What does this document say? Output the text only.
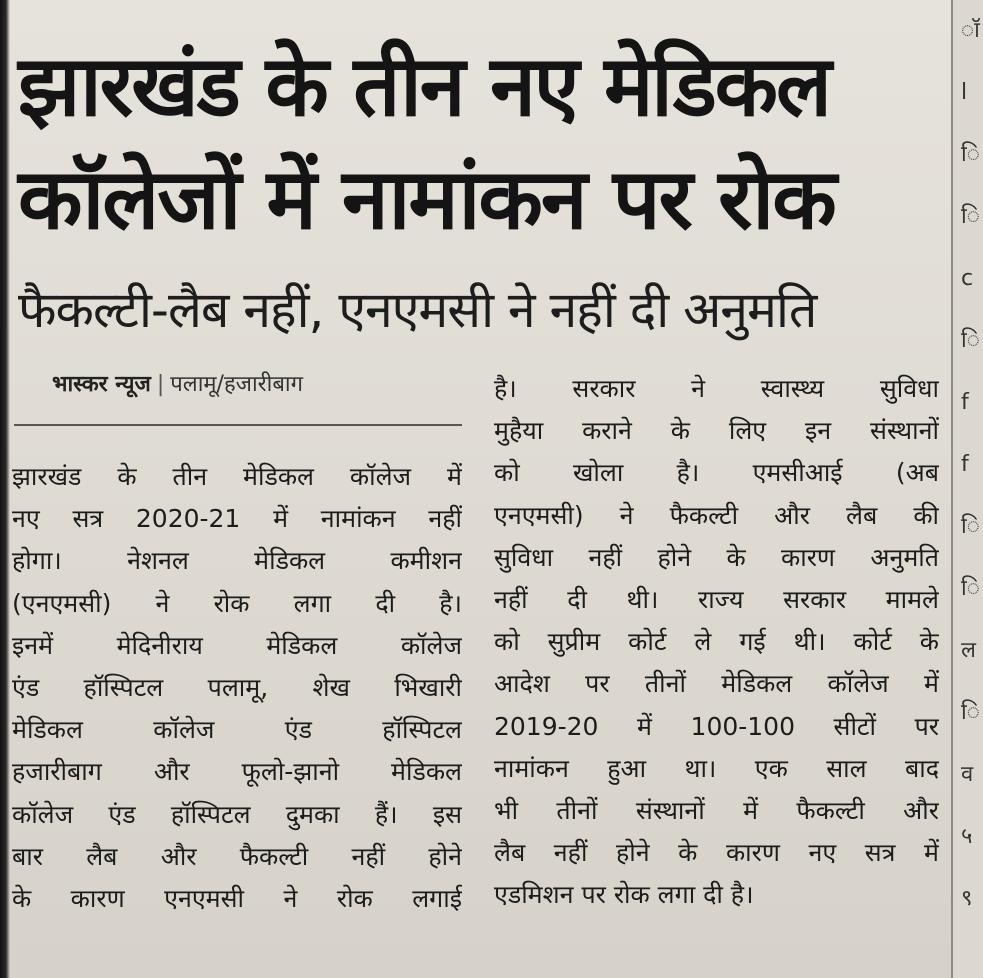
झारखंड के तीन नए मेडिकल
कॉलेजों में नामांकन पर रोक
फैकल्टी-लैब नहीं, एनएमसी ने नहीं दी अनुमति
भास्कर न्यूज | पलामू/हजारीबाग
झारखंड के तीन मेडिकल कॉलेज में
नए सत्र 2020-21 में नामांकन नहीं
होगा। नेशनल मेडिकल कमीशन
(एनएमसी) ने रोक लगा दी है।
इनमें मेदिनीराय मेडिकल कॉलेज
एंड हॉस्पिटल पलामू, शेख भिखारी
मेडिकल कॉलेज एंड हॉस्पिटल
हजारीबाग और फूलो-झानो मेडिकल
कॉलेज एंड हॉस्पिटल दुमका हैं। इस
बार लैब और फैकल्टी नहीं होने
के कारण एनएमसी ने रोक लगाई
है। सरकार ने स्वास्थ्य सुविधा
मुहैया कराने के लिए इन संस्थानों
को खोला है। एमसीआई (अब
एनएमसी) ने फैकल्टी और लैब की
सुविधा नहीं होने के कारण अनुमति
नहीं दी थी। राज्य सरकार मामले
को सुप्रीम कोर्ट ले गई थी। कोर्ट के
आदेश पर तीनों मेडिकल कॉलेज में
2019-20 में 100-100 सीटों पर
नामांकन हुआ था। एक साल बाद
भी तीनों संस्थानों में फैकल्टी और
लैब नहीं होने के कारण नए सत्र में
एडमिशन पर रोक लगा दी है।
ॉ
l
ि
ि
c
ि
f
f
ि
ि
ल
ि
व
५
९
